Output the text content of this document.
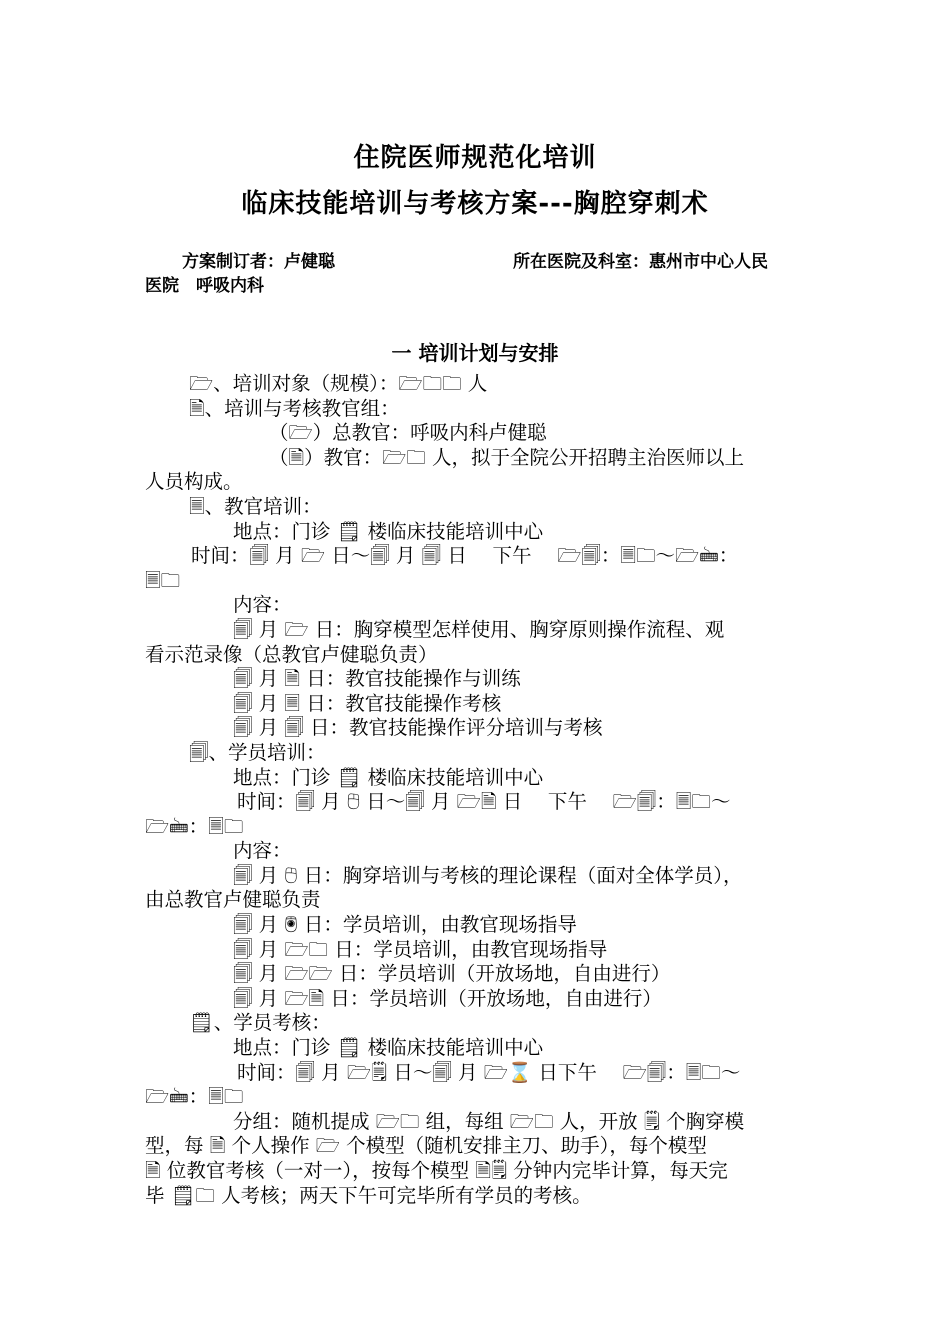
住院医师规范化培训
临床技能培训与考核方案---胸腔穿刺术
方案制订者：卢健聪	所在医院及科室：惠州市中心人民
医院　呼吸内科
一 培训计划与安排
🗁、培训对象（规模）：🗁🗀🗀 人
🗎、培训与考核教官组：
（🗁）总教官：呼吸内科卢健聪
（🗎）教官：🗁🗀 人，拟于全院公开招聘主治医师以上
人员构成。
🗏、教官培训：
地点：门诊 🗒 楼临床技能培训中心
时间：🗐 月 🗁 日～🗐 月 🗐 日　 下午　 🗁🗐：🗏🗀～🗁🖮：
🗏🗀
内容：
🗐 月 🗁 日：胸穿模型怎样使用、胸穿原则操作流程、观
看示范录像（总教官卢健聪负责）
🗐 月 🗎 日：教官技能操作与训练
🗐 月 🗏 日：教官技能操作考核
🗐 月 🗐 日：教官技能操作评分培训与考核
🗐、学员培训：
地点：门诊 🗒 楼临床技能培训中心
时间：🗐 月 🖰 日～🗐 月 🗁🗎 日　 下午　 🗁🗐：🗏🗀～
🗁🖮：🗏🗀
内容：
🗐 月 🖰 日：胸穿培训与考核的理论课程（面对全体学员），
由总教官卢健聪负责
🗐 月 🖲 日：学员培训，由教官现场指导
🗐 月 🗁🗀 日：学员培训，由教官现场指导
🗐 月 🗁🗁 日：学员培训（开放场地，自由进行）
🗐 月 🗁🗎 日：学员培训（开放场地，自由进行）
🗒、学员考核：
地点：门诊 🗒 楼临床技能培训中心
时间：🗐 月 🗁🗒 日～🗐 月 🗁⌛ 日下午　 🗁🗐：🗏🗀～
🗁🖮：🗏🗀
分组：随机提成 🗁🗀 组，每组 🗁🗀 人，开放 🗒 个胸穿模
型，每 🗎 个人操作 🗁 个模型（随机安排主刀、助手），每个模型
🗎 位教官考核（一对一），按每个模型 🗎🗒 分钟内完毕计算，每天完
毕 🗒🗀 人考核；两天下午可完毕所有学员的考核。
